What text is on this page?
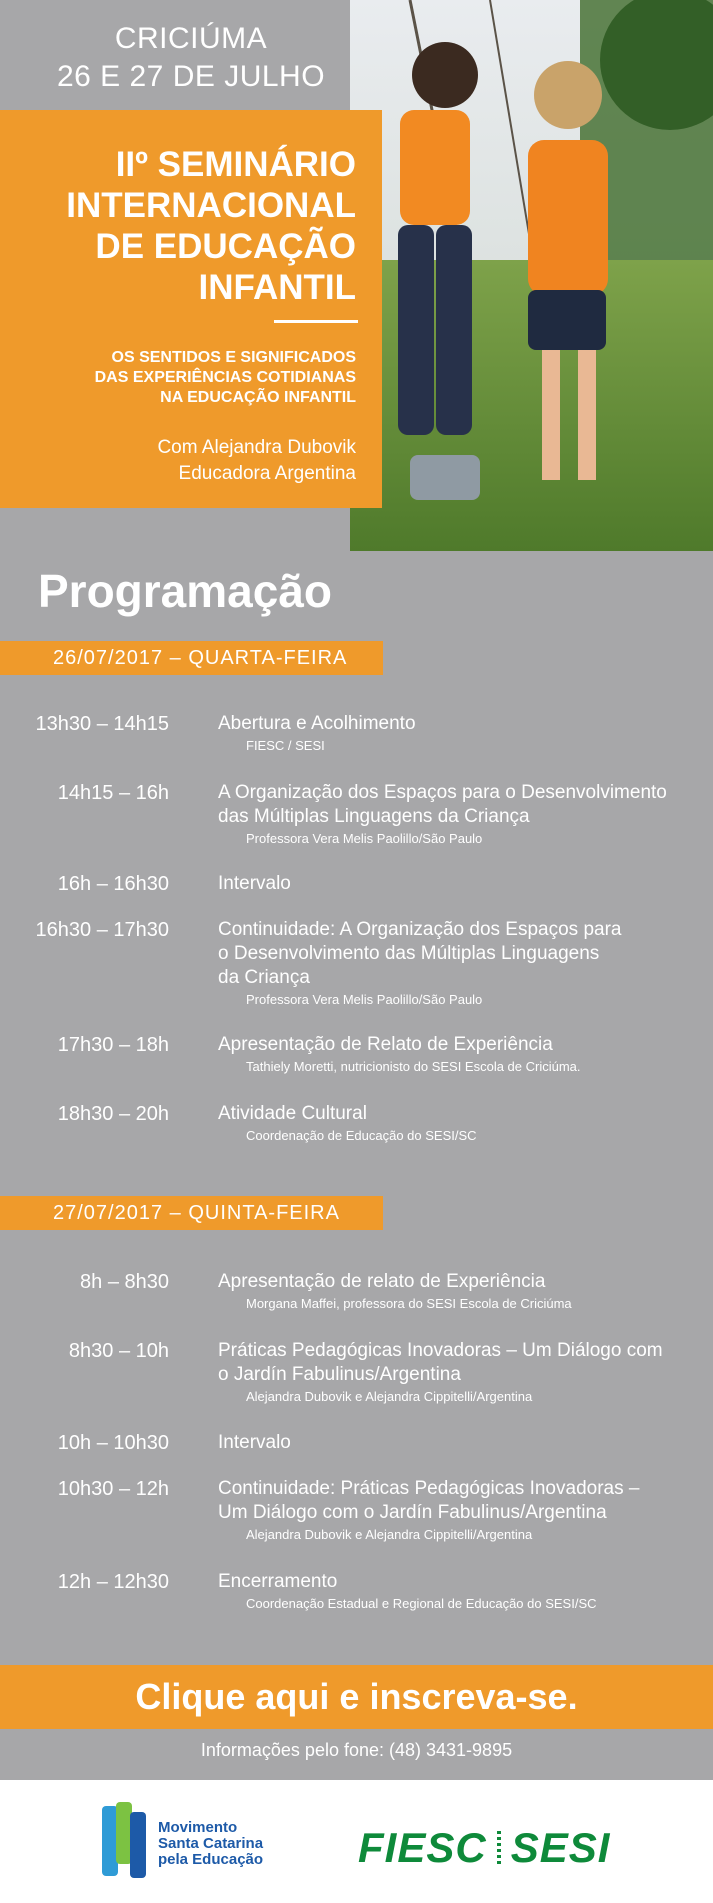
CRICIÚMA
26 E 27 DE JULHO
IIº SEMINÁRIO
INTERNACIONAL
DE EDUCAÇÃO
INFANTIL
OS SENTIDOS E SIGNIFICADOS
DAS EXPERIÊNCIAS COTIDIANAS
NA EDUCAÇÃO INFANTIL
Com Alejandra Dubovik
Educadora Argentina
Programação
26/07/2017 – QUARTA-FEIRA
13h30 – 14h15	Abertura e Acolhimento
FIESC / SESI
14h15 – 16h	A Organização dos Espaços para o Desenvolvimento
das Múltiplas Linguagens da Criança
Professora Vera Melis Paolillo/São Paulo
16h – 16h30	Intervalo
16h30 – 17h30	Continuidade: A Organização dos Espaços para
o Desenvolvimento das Múltiplas Linguagens
da Criança
Professora Vera Melis Paolillo/São Paulo
17h30 – 18h	Apresentação de Relato de Experiência
Tathiely Moretti, nutricionisto do SESI Escola de Criciúma.
18h30 – 20h	Atividade Cultural
Coordenação de Educação do SESI/SC
27/07/2017 – QUINTA-FEIRA
8h – 8h30	Apresentação de relato de Experiência
Morgana Maffei, professora do SESI Escola de Criciúma
8h30 – 10h	Práticas Pedagógicas Inovadoras – Um Diálogo com
o Jardín Fabulinus/Argentina
Alejandra Dubovik e Alejandra Cippitelli/Argentina
10h – 10h30	Intervalo
10h30 – 12h	Continuidade: Práticas Pedagógicas Inovadoras –
Um Diálogo com o Jardín Fabulinus/Argentina
Alejandra Dubovik e Alejandra Cippitelli/Argentina
12h – 12h30	Encerramento
Coordenação Estadual e Regional de Educação do SESI/SC
Clique aqui e inscreva-se.
Informações pelo fone: (48) 3431-9895
Movimento
Santa Catarina
pela Educação FIESC SESI
